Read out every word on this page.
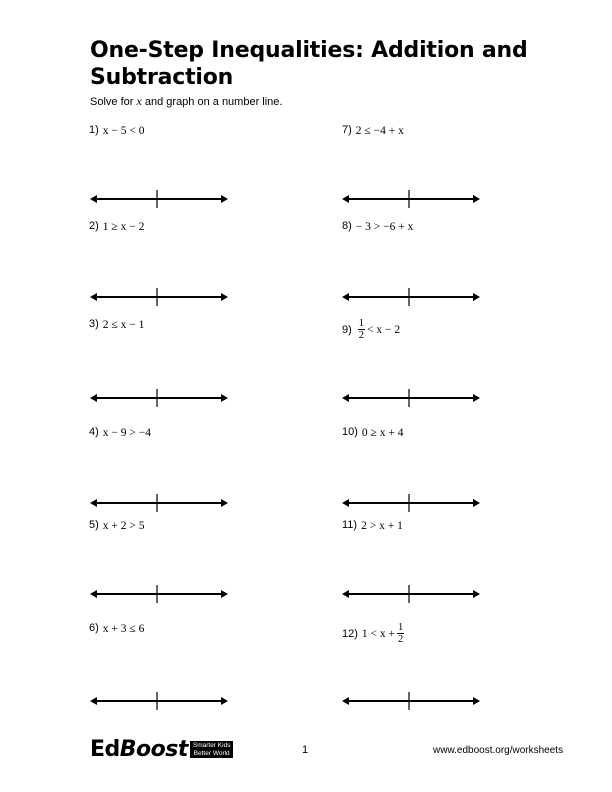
One-Step Inequalities: Addition and Subtraction
Solve for x and graph on a number line.
1) x − 5 < 0
2) 1 ≥ x − 2
3) 2 ≤ x − 1
4) x − 9 > −4
5) x + 2 > 5
6) x + 3 ≤ 6
7) 2 ≤ −4 + x
8) − 3 > −6 + x
$9) \frac{1}{2} < x - 2$
10) 0 ≥ x + 4
11) 2 > x + 1
12) $1 < x + \frac{1}{2}$
EdBoost Smarter Kids
Better World	1	www.edboost.org/worksheets
